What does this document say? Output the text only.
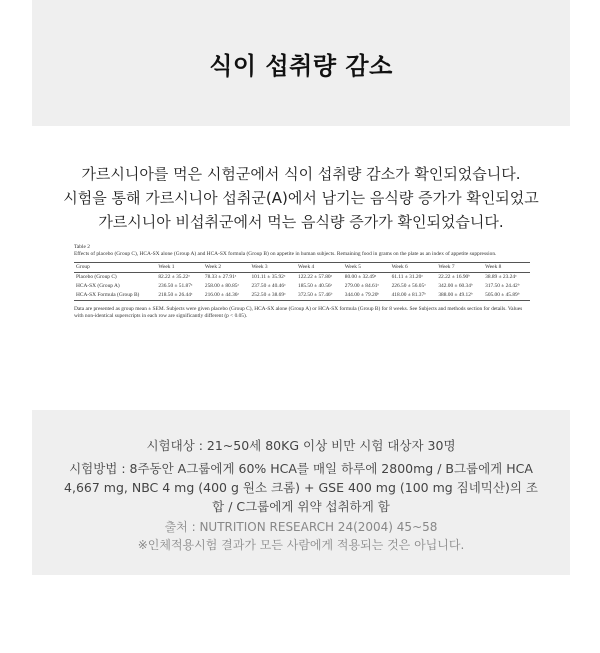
식이 섭취량 감소
가르시니아를 먹은 시험군에서 식이 섭취량 감소가 확인되었습니다.
시험을 통해 가르시니아 섭취군(A)에서 남기는 음식량 증가가 확인되었고
가르시니아 비섭취군에서 먹는 음식량 증가가 확인되었습니다.
Table 2
Effects of placebo (Group C), HCA-SX alone (Group A) and HCA-SX formula (Group B) on appetite in human subjects. Remaining food in grams on the plate as an index of appetite suppression.
Group	Week 1	Week 2	Week 3	Week 4	Week 5	Week 6	Week 7	Week 8
Placebo (Group C)	82.22 ± 35.22ᵃ	78.33 ± 27.91ᵃ	101.11 ± 35.92ᵃ	122.22 ± 57.80ᵃ	80.00 ± 32.49ᵃ	61.11 ± 31.20ᵃ	22.22 ± 16.90ᵇ	38.89 ± 23.24ᵃ
HCA-SX (Group A)	236.50 ± 51.87ᵃ	258.00 ± 80.85ᵃ	237.50 ± 40.46ᵃ	185.50 ± 40.56ᵃ	279.00 ± 84.61ᵃ	226.50 ± 56.05ᵃ	342.00 ± 60.34ᵇ	317.50 ± 24.42ᵇ
HCA-SX Formula (Group B)	218.50 ± 26.44ᵃ	216.00 ± 44.36ᵃ	252.50 ± 38.69ᵃ	372.50 ± 57.46ᵇ	344.00 ± 79.20ᵇ	418.00 ± 81.37ᵇ	388.00 ± 49.12ᵇ	505.00 ± 45.89ᵇ
Data are presented as group mean ± SEM. Subjects were given placebo (Group C), HCA-SX alone (Group A) or HCA-SX formula (Group B) for 8 weeks. See Subjects and methods section for details. Values with non-identical superscripts in each row are significantly different (p < 0.05).
시험대상 : 21~50세 80KG 이상 비만 시험 대상자 30명
시험방법 : 8주동안 A그룹에게 60% HCA를 매일 하루에 2800mg / B그룹에게 HCA 4,667 mg, NBC 4 mg (400 g 원소 크롬) + GSE 400 mg (100 mg 짐네믹산)의 조합 / C그룹에게 위약 섭취하게 함
출처 : NUTRITION RESEARCH 24(2004) 45~58
※인체적용시험 결과가 모든 사람에게 적용되는 것은 아닙니다.
